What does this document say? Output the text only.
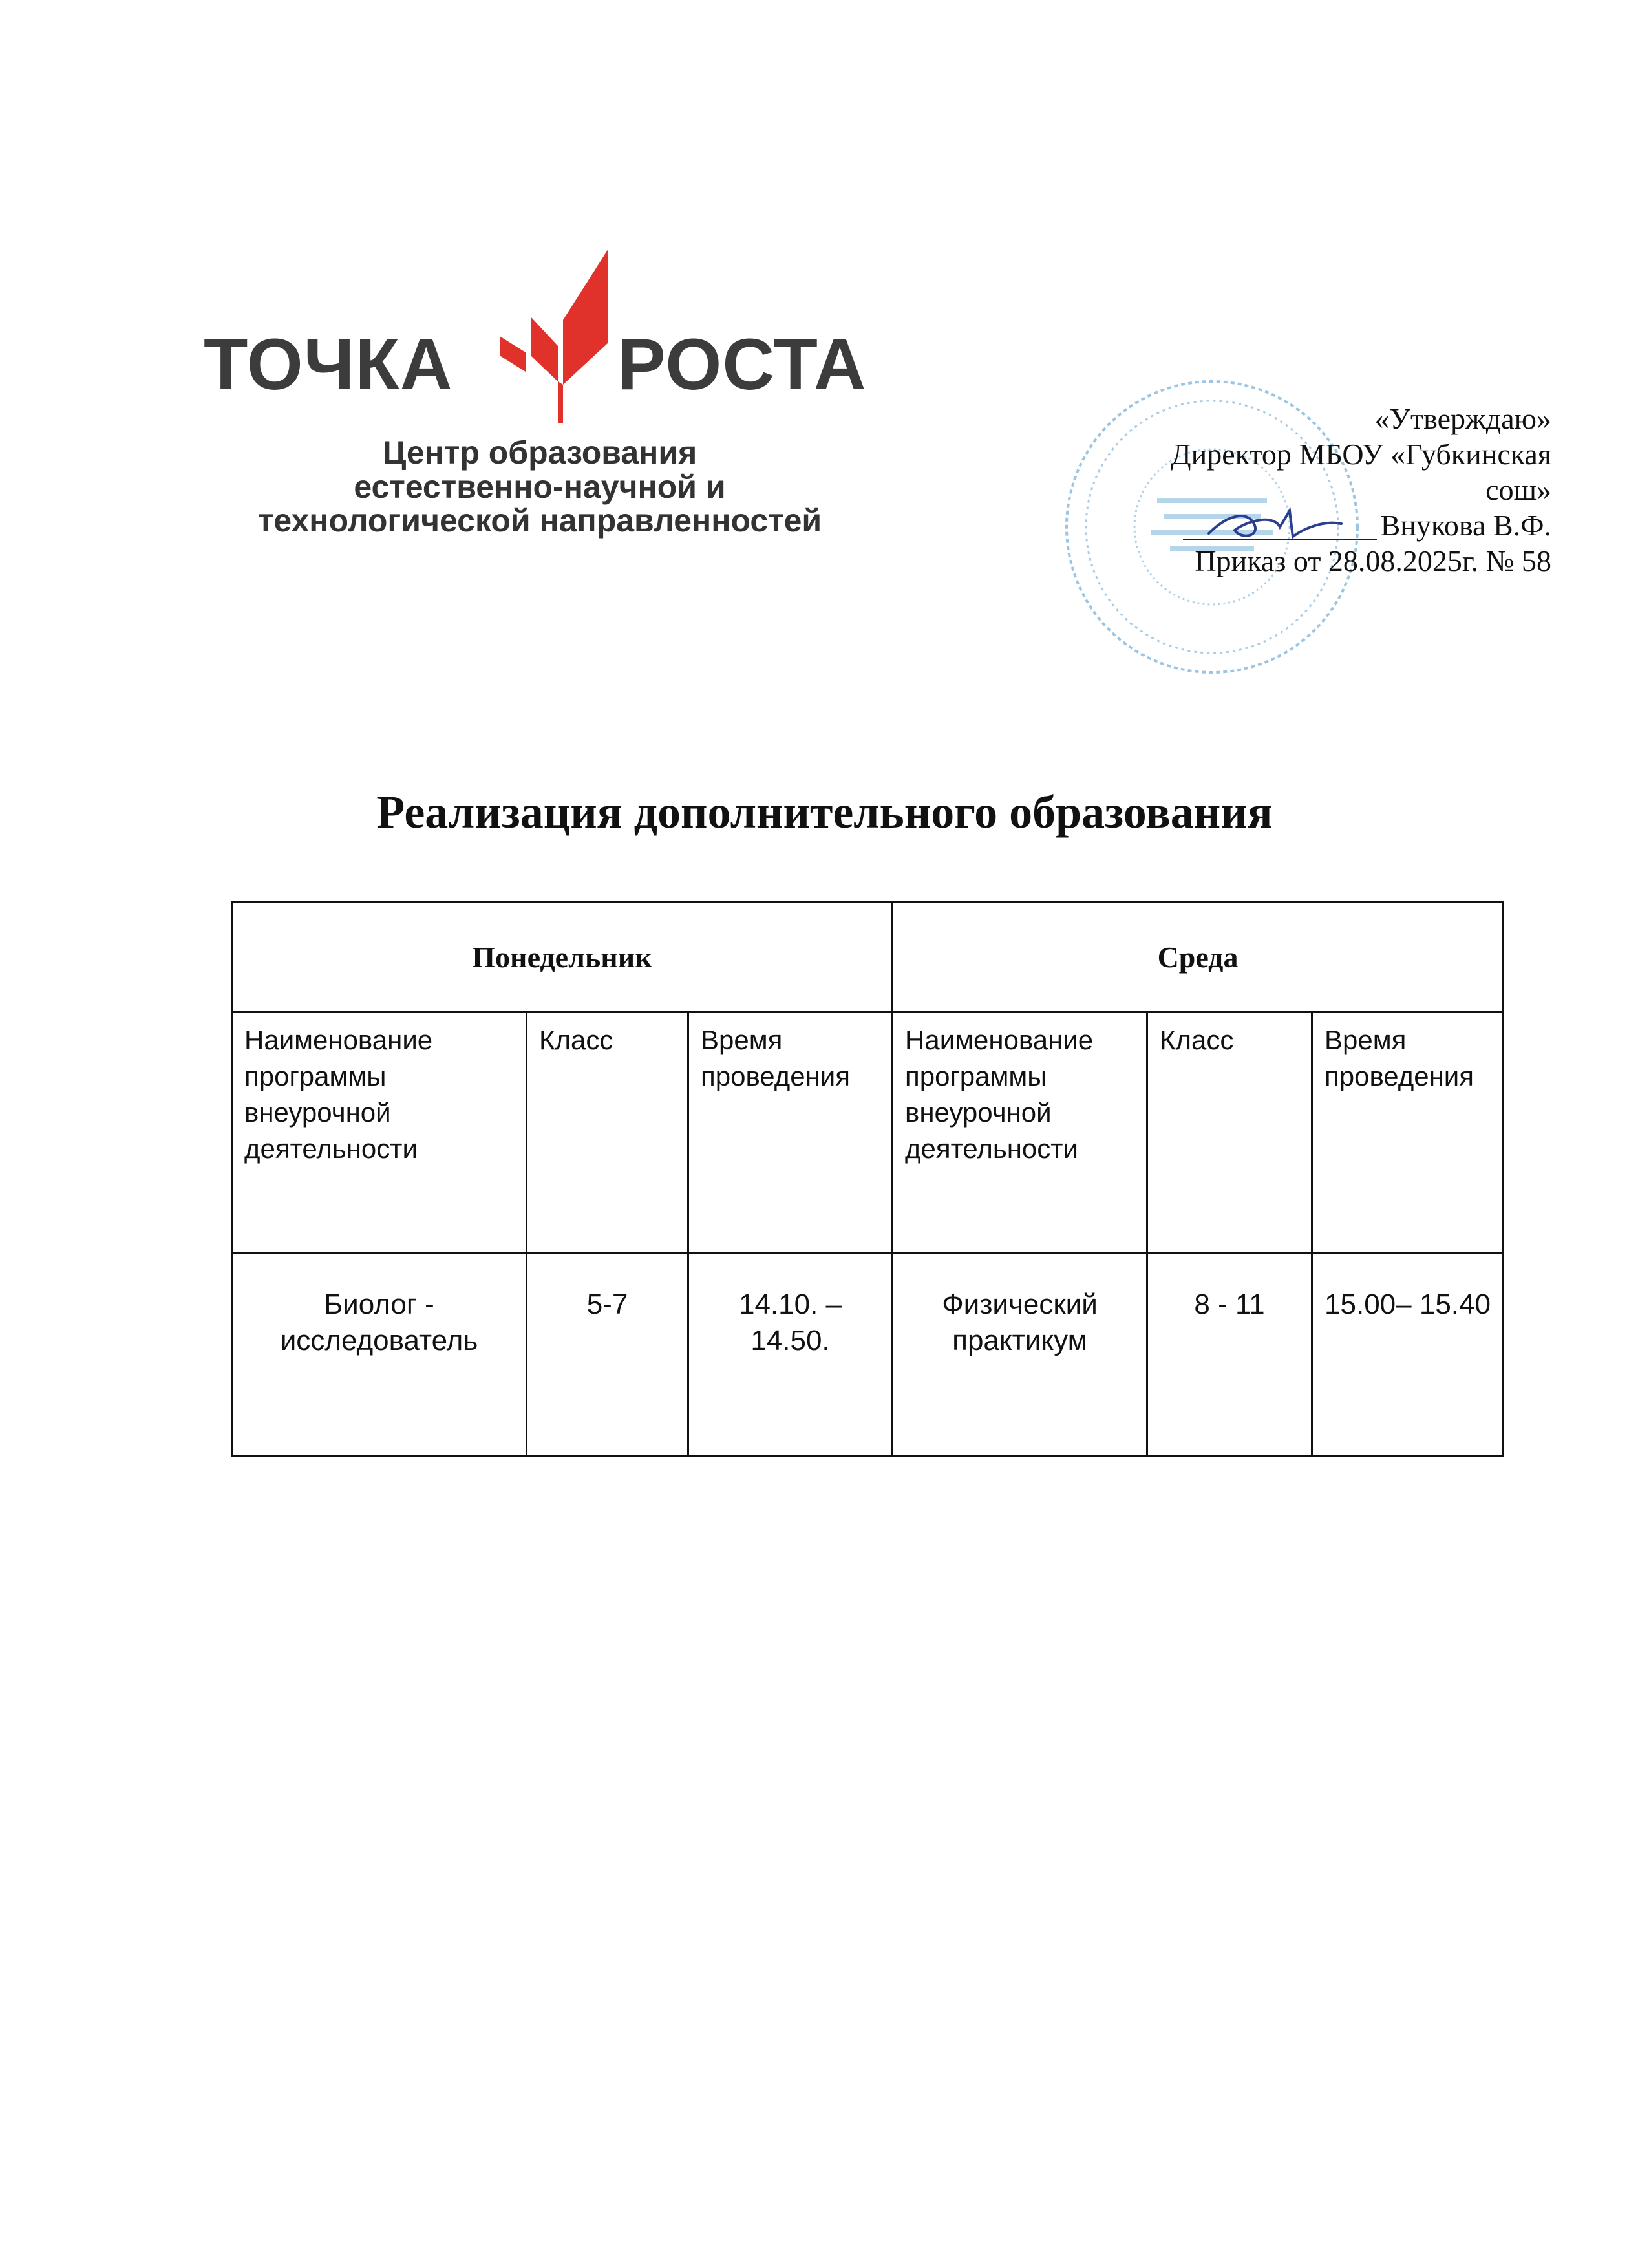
ТОЧКА РОСТА
Центр образования
естественно-научной и
технологической направленностей
«Утверждаю»
Директор МБОУ «Губкинская
сош»
Внукова В.Ф.
Приказ от 28.08.2025г. № 58
Реализация дополнительного образования
Понедельник			Среда		

Наименование программы внеурочной деятельности	Класс	Время проведения	Наименование программы внеурочной деятельности	Класс	Время проведения

Биолог - исследователь	5-7	14.10. – 14.50.	Физический практикум	8 - 11	15.00– 15.40
